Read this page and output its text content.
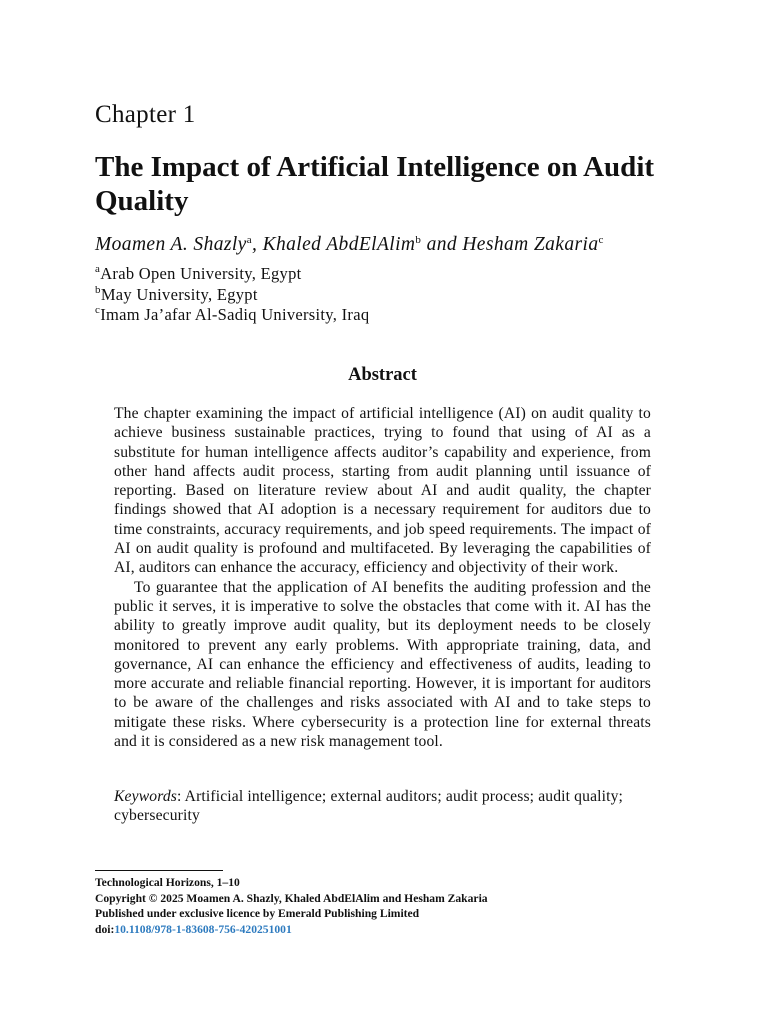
Chapter 1
The Impact of Artificial Intelligence on Audit Quality
Moamen A. Shazly$^a$, Khaled AbdElAlim$^b$ and Hesham Zakaria$^c$
$^a$Arab Open University, Egypt
$^b$May University, Egypt
$^c$Imam Ja’afar Al-Sadiq University, Iraq
Abstract

The chapter examining the impact of artificial intelligence (AI) on audit quality to achieve business sustainable practices, trying to found that using of AI as a substitute for human intelligence affects auditor’s capability and experience, from other hand affects audit process, starting from audit planning until issuance of reporting. Based on literature review about AI and audit quality, the chapter findings showed that AI adoption is a necessary requirement for auditors due to time constraints, accuracy requirements, and job speed requirements. The impact of AI on audit quality is profound and multifaceted. By leveraging the capabilities of AI, auditors can enhance the accuracy, efficiency and objectivity of their work.

To guarantee that the application of AI benefits the auditing profession and the public it serves, it is imperative to solve the obstacles that come with it. AI has the ability to greatly improve audit quality, but its deployment needs to be closely monitored to prevent any early problems. With appropriate training, data, and governance, AI can enhance the efficiency and effectiveness of audits, leading to more accurate and reliable financial reporting. However, it is important for auditors to be aware of the challenges and risks associated with AI and to take steps to mitigate these risks. Where cybersecurity is a protection line for external threats and it is considered as a new risk management tool.

Keywords: Artificial intelligence; external auditors; audit process; audit quality; cybersecurity
Technological Horizons, 1–10
Copyright © 2025 Moamen A. Shazly, Khaled AbdElAlim and Hesham Zakaria
Published under exclusive licence by Emerald Publishing Limited
doi:10.1108/978-1-83608-756-420251001
